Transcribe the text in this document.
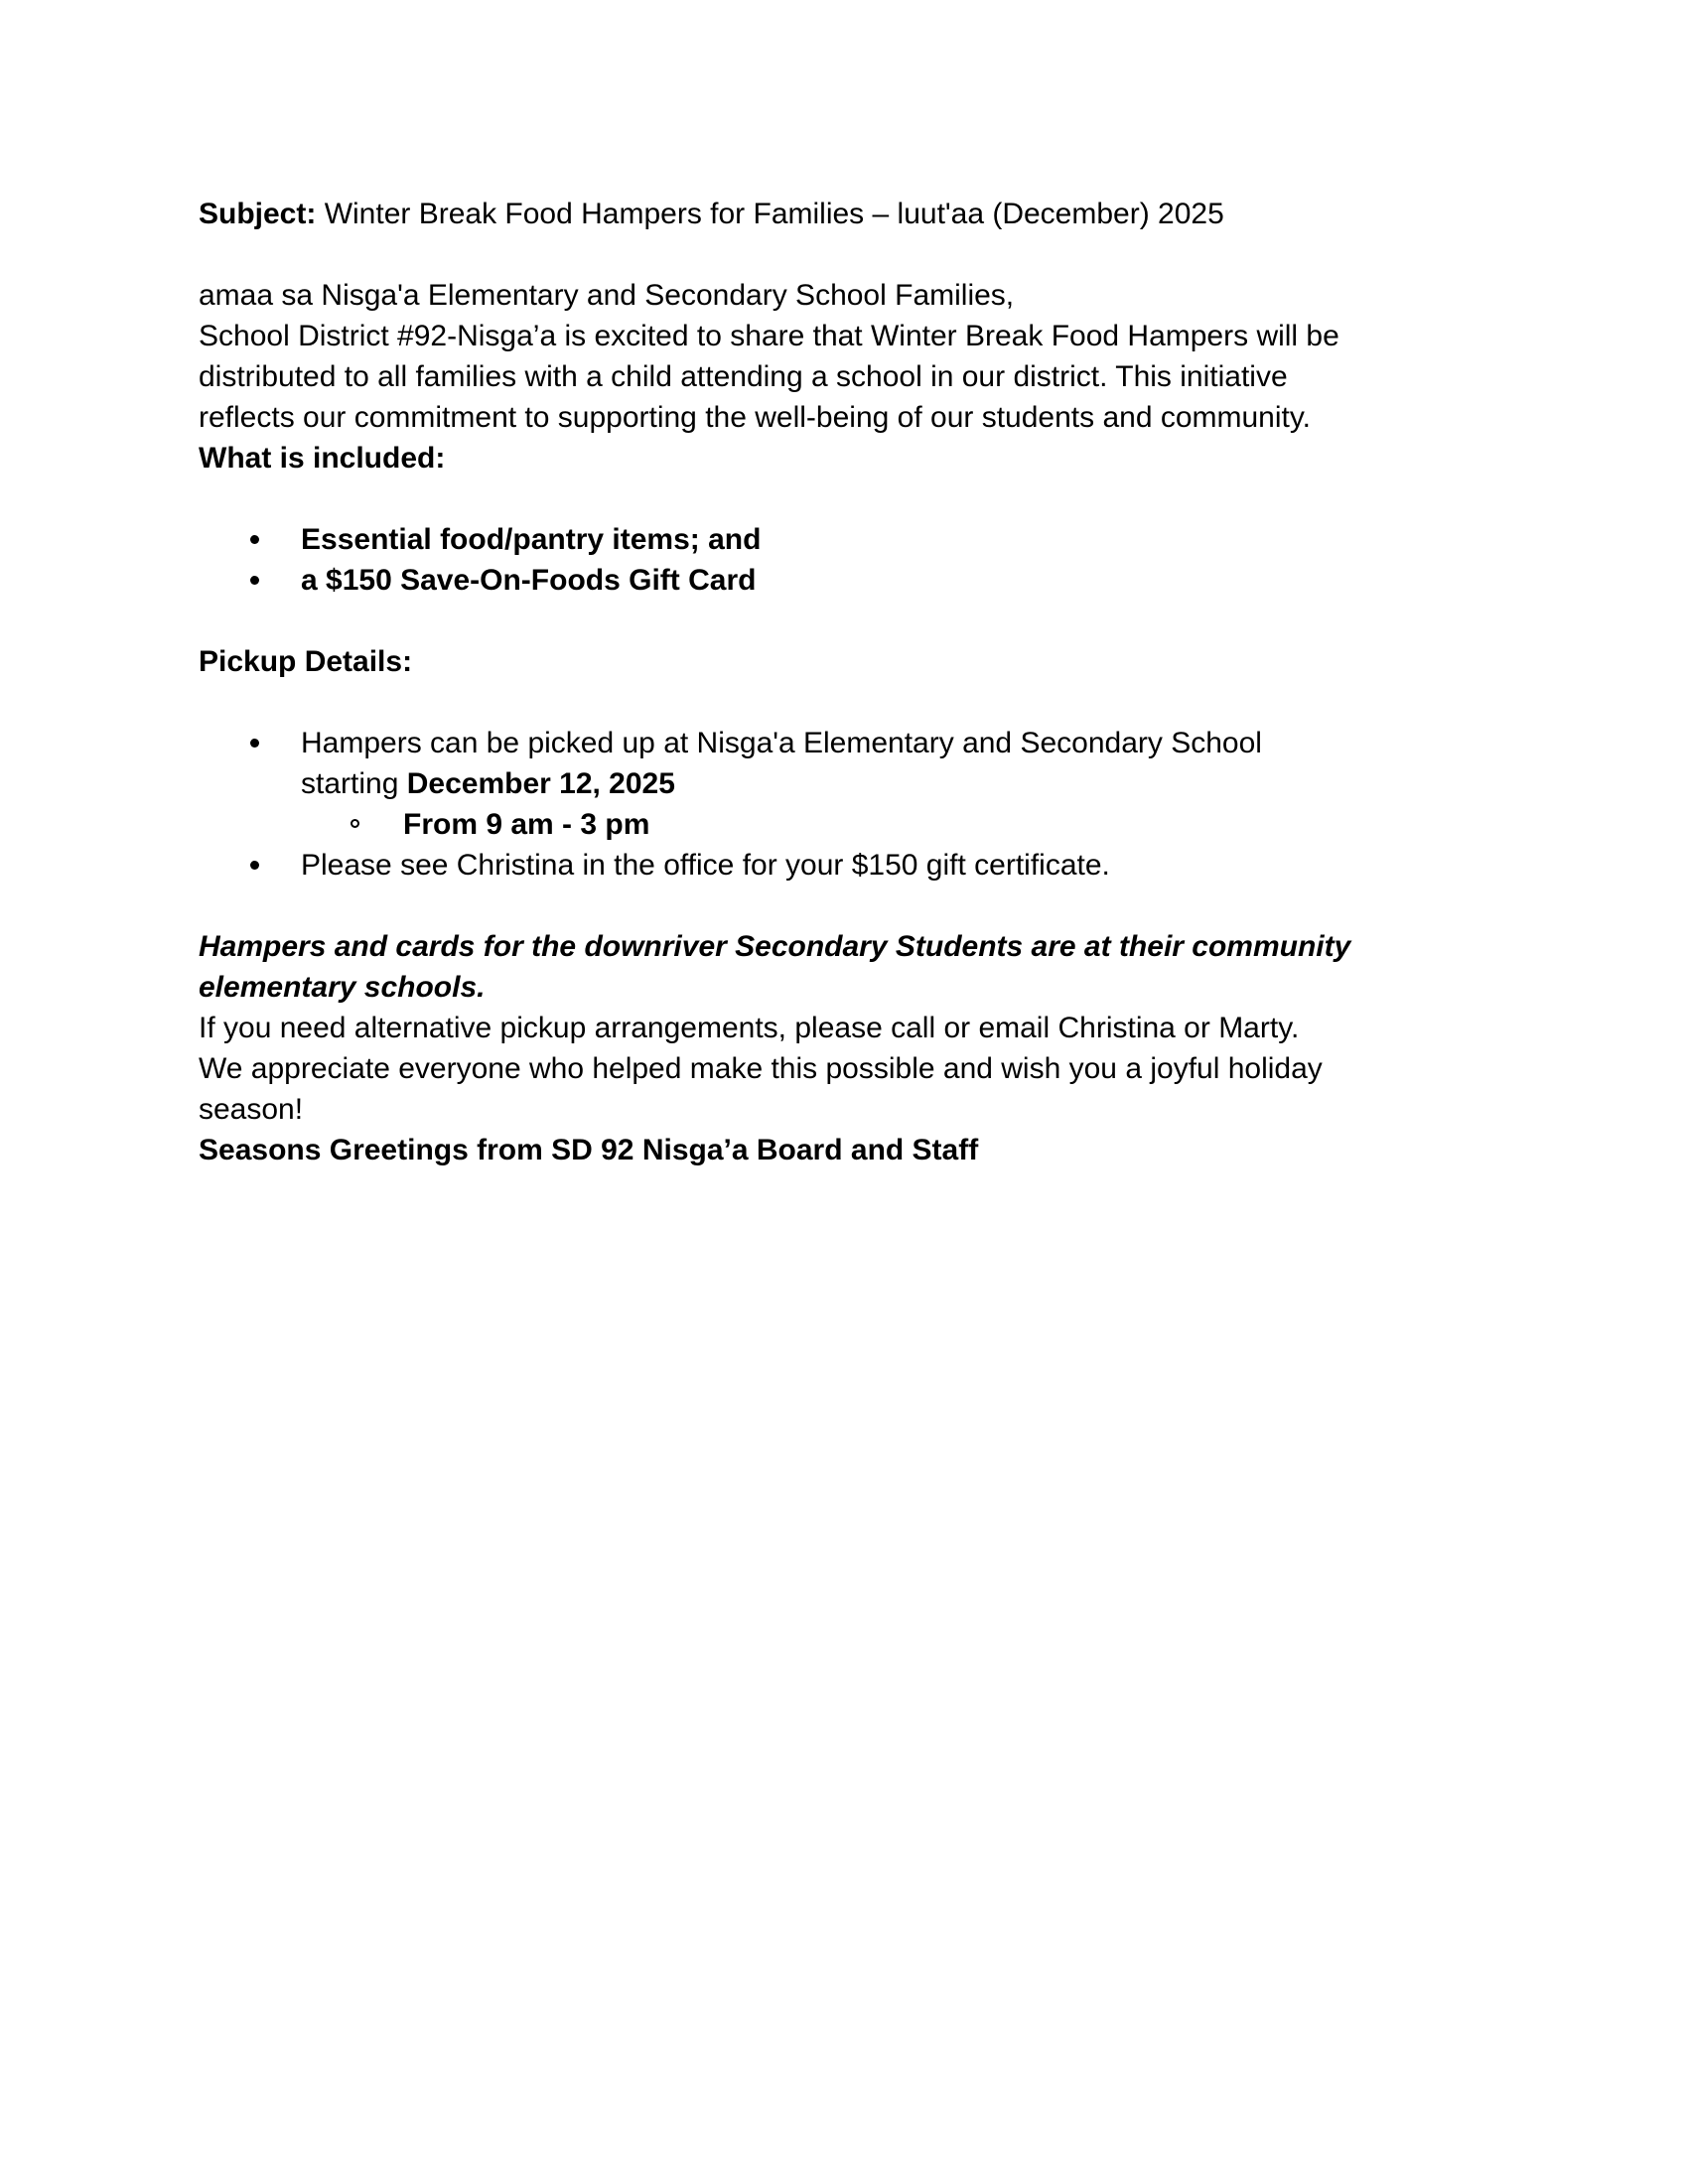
Subject: Winter Break Food Hampers for Families – luut'aa (December) 2025
amaa sa Nisga'a Elementary and Secondary School Families,
School District #92-Nisga’a is excited to share that Winter Break Food Hampers will be
distributed to all families with a child attending a school in our district. This initiative
reflects our commitment to supporting the well-being of our students and community.
What is included:
Essential food/pantry items; and
a $150 Save-On-Foods Gift Card
Pickup Details:
Hampers can be picked up at Nisga'a Elementary and Secondary School
starting December 12, 2025
From 9 am - 3 pm
Please see Christina in the office for your $150 gift certificate.
Hampers and cards for the downriver Secondary Students are at their community
elementary schools.
If you need alternative pickup arrangements, please call or email Christina or Marty.
We appreciate everyone who helped make this possible and wish you a joyful holiday
season!
Seasons Greetings from SD 92 Nisga’a Board and Staff
